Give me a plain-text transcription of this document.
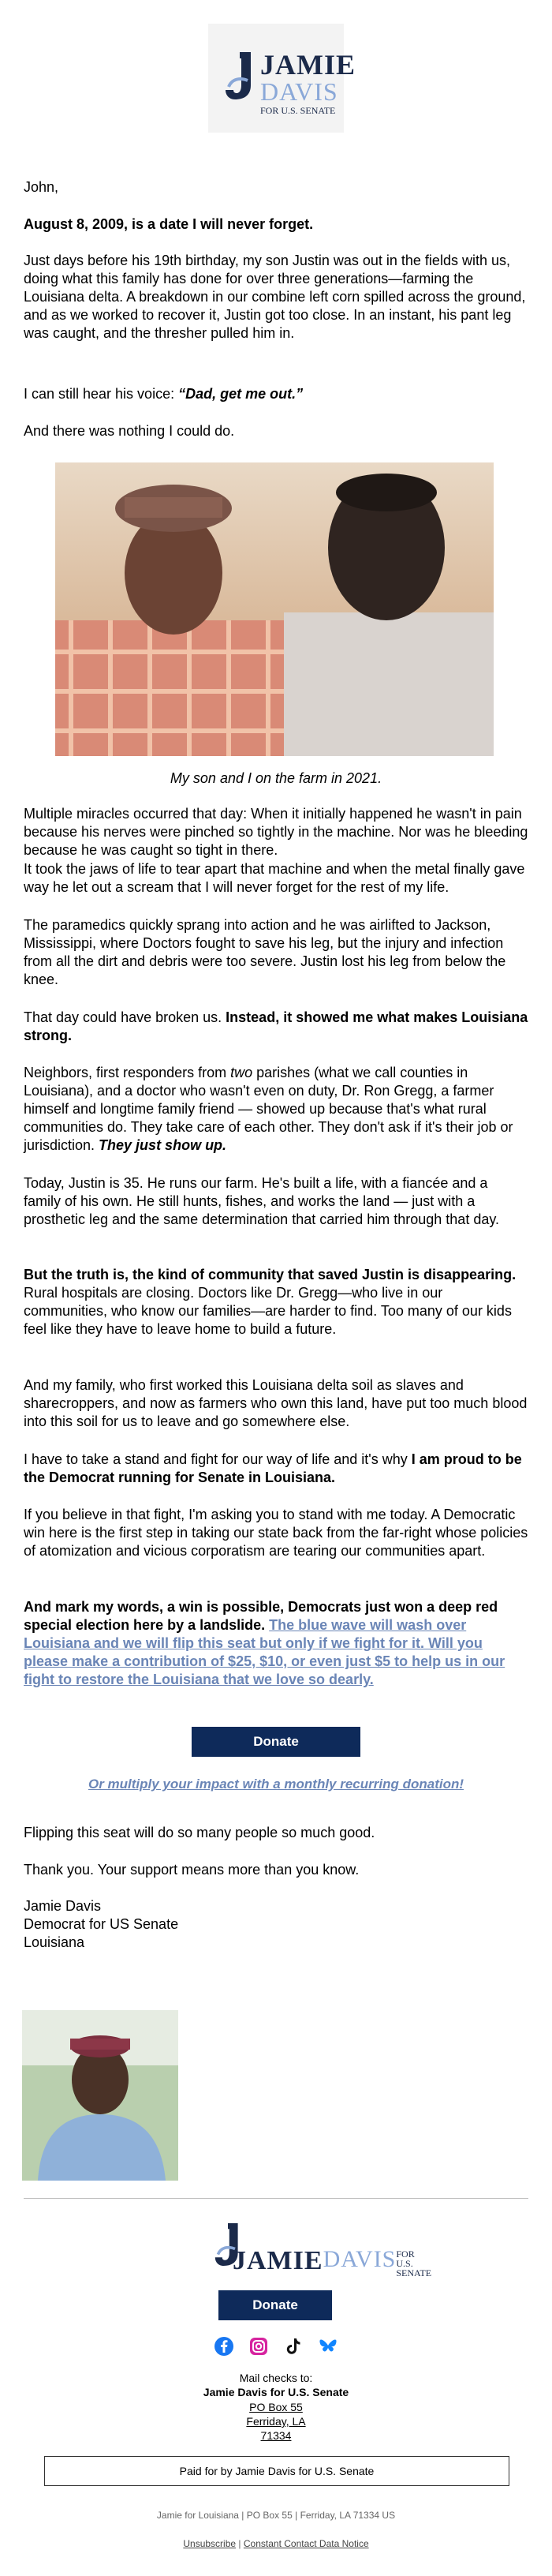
JAMIE
DAVIS
FOR U.S. SENATE
John,
August 8, 2009, is a date I will never forget.
Just days before his 19th birthday, my son Justin was out in the fields with us, doing what this family has done for over three generations—farming the Louisiana delta. A breakdown in our combine left corn spilled across the ground, and as we worked to recover it, Justin got too close. In an instant, his pant leg was caught, and the thresher pulled him in.
I can still hear his voice: “Dad, get me out.”
And there was nothing I could do.
My son and I on the farm in 2021.
Multiple miracles occurred that day: When it initially happened he wasn't in pain because his nerves were pinched so tightly in the machine. Nor was he bleeding because he was caught so tight in there.
It took the jaws of life to tear apart that machine and when the metal finally gave way he let out a scream that I will never forget for the rest of my life.
The paramedics quickly sprang into action and he was airlifted to Jackson, Mississippi, where Doctors fought to save his leg, but the injury and infection from all the dirt and debris were too severe. Justin lost his leg from below the knee.
That day could have broken us. Instead, it showed me what makes Louisiana strong.
Neighbors, first responders from two parishes (what we call counties in Louisiana), and a doctor who wasn't even on duty, Dr. Ron Gregg, a farmer himself and longtime family friend — showed up because that's what rural communities do. They take care of each other. They don't ask if it's their job or jurisdiction. They just show up.
Today, Justin is 35. He runs our farm. He's built a life, with a fiancée and a family of his own. He still hunts, fishes, and works the land — just with a prosthetic leg and the same determination that carried him through that day.
But the truth is, the kind of community that saved Justin is disappearing. Rural hospitals are closing. Doctors like Dr. Gregg—who live in our communities, who know our families—are harder to find. Too many of our kids feel like they have to leave home to build a future.
And my family, who first worked this Louisiana delta soil as slaves and sharecroppers, and now as farmers who own this land, have put too much blood into this soil for us to leave and go somewhere else.
I have to take a stand and fight for our way of life and it's why I am proud to be the Democrat running for Senate in Louisiana.
If you believe in that fight, I'm asking you to stand with me today. A Democratic win here is the first step in taking our state back from the far-right whose policies of atomization and vicious corporatism are tearing our communities apart.
And mark my words, a win is possible, Democrats just won a deep red special election here by a landslide. The blue wave will wash over Louisiana and we will flip this seat but only if we fight for it. Will you please make a contribution of $25, $10, or even just $5 to help us in our fight to restore the Louisiana that we love so dearly.
Donate
Or multiply your impact with a monthly recurring donation!
Flipping this seat will do so many people so much good.
Thank you. Your support means more than you know.
Jamie Davis
Democrat for US Senate
Louisiana
JAMIE DAVIS FOR U.S. SENATE
Donate
Mail checks to:
Jamie Davis for U.S. Senate
PO Box 55
Ferriday, LA
71334
Paid for by Jamie Davis for U.S. Senate
Jamie for Louisiana | PO Box 55 | Ferriday, LA 71334 US
Unsubscribe | Constant Contact Data Notice
